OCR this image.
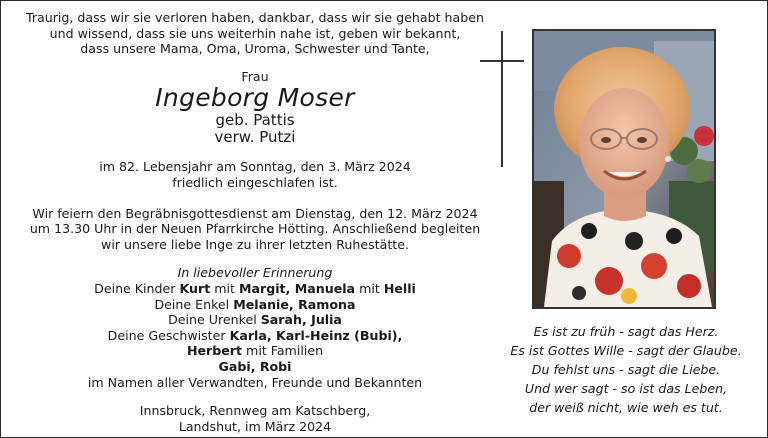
Traurig, dass wir sie verloren haben, dankbar, dass wir sie gehabt haben
und wissend, dass sie uns weiterhin nahe ist, geben wir bekannt,
dass unsere Mama, Oma, Uroma, Schwester und Tante,
Frau
Ingeborg Moser
geb. Pattis
verw. Putzi
im 82. Lebensjahr am Sonntag, den 3. März 2024
friedlich eingeschlafen ist.
Wir feiern den Begräbnisgottesdienst am Dienstag, den 12. März 2024
um 13.30 Uhr in der Neuen Pfarrkirche Hötting. Anschließend begleiten
wir unsere liebe Inge zu ihrer letzten Ruhestätte.
In liebevoller Erinnerung
Deine Kinder Kurt mit Margit, Manuela mit Helli
Deine Enkel Melanie, Ramona
Deine Urenkel Sarah, Julia
Deine Geschwister Karla, Karl-Heinz (Bubi),
Herbert mit Familien
Gabi, Robi
im Namen aller Verwandten, Freunde und Bekannten
Innsbruck, Rennweg am Katschberg,
Landshut, im März 2024
Es ist zu früh - sagt das Herz.
Es ist Gottes Wille - sagt der Glaube.
Du fehlst uns - sagt die Liebe.
Und wer sagt - so ist das Leben,
der weiß nicht, wie weh es tut.
